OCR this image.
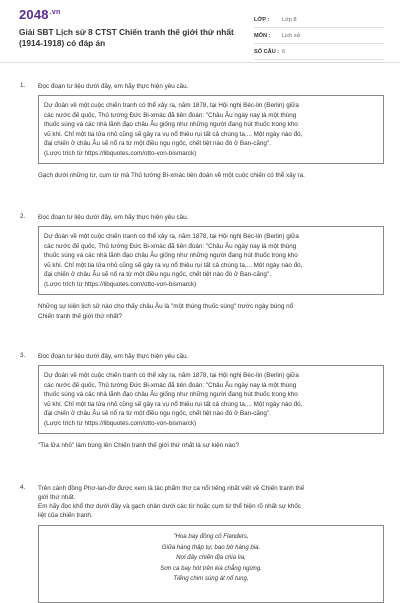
$2048^{.vn}$
Giải SBT Lịch sử 8 CTST Chiến tranh thế giới thứ nhất (1914-1918) có đáp án
LỚP :	Lớp 8
MÔN :	Lịch sử
SỐ CÂU : 6
1. Đọc đoạn tư liệu dưới đây, em hãy thực hiện yêu cầu.
Dự đoán về một cuộc chiến tranh có thể xảy ra, năm 1878, tại Hội nghị Béc-lin (Berlin) giữa
các nước đế quốc, Thủ tướng Đức Bi-xmác đã tiên đoán: "Châu Âu ngày nay là một thùng
thuốc súng và các nhà lãnh đạo châu Âu giống như những người đang hút thuốc trong kho
vũ khí. Chỉ một tia lửa nhỏ cũng sẽ gây ra vụ nổ thiêu rụi tất cả chúng ta,... Một ngày nào đó,
đại chiến ở châu Âu sẽ nổ ra từ một điều ngu ngốc, chết tiệt nào đó ở Ban-căng".
(Lược trích từ https://libquotes.com/otto-von-bismarck)
Gạch dưới những từ, cụm từ mà Thủ tướng Bi-xmác tiên đoán về một cuộc chiến có thể xảy ra.
2. Đọc đoạn tư liệu dưới đây, em hãy thực hiện yêu cầu.
Dự đoán về một cuộc chiến tranh có thể xảy ra, năm 1878, tại Hội nghị Béc-lin (Berlin) giữa
các nước đế quốc, Thủ tướng Đức Bi-xmác đã tiên đoán: "Châu Âu ngày nay là một thùng
thuốc súng và các nhà lãnh đạo châu Âu giống như những người đang hút thuốc trong kho
vũ khí. Chỉ một tia lửa nhỏ cũng sẽ gây ra vụ nổ thiêu rụi tất cả chúng ta,... Một ngày nào đó,
đại chiến ở châu Âu sẽ nổ ra từ một điều ngu ngốc, chết tiệt nào đó ở Ban-căng".
(Lược trích từ https://libquotes.com/otto-von-bismarck)
Những sự kiện lịch sử nào cho thấy châu Âu là "một thùng thuốc súng" trước ngày bùng nổ
Chiến tranh thế giới thứ nhất?
3. Đọc đoạn tư liệu dưới đây, em hãy thực hiện yêu cầu.
Dự đoán về một cuộc chiến tranh có thể xảy ra, năm 1878, tại Hội nghị Béc-lin (Berlin) giữa
các nước đế quốc, Thủ tướng Đức Bi-xmác đã tiên đoán: "Châu Âu ngày nay là một thùng
thuốc súng và các nhà lãnh đạo châu Âu giống như những người đang hút thuốc trong kho
vũ khí. Chỉ một tia lửa nhỏ cũng sẽ gây ra vụ nổ thiêu rụi tất cả chúng ta,... Một ngày nào đó,
đại chiến ở châu Âu sẽ nổ ra từ một điều ngu ngốc, chết tiệt nào đó ở Ban-căng".
(Lược trích từ https://libquotes.com/otto-von-bismarck)
"Tia lửa nhỏ" làm bùng lên Chiến tranh thế giới thứ nhất là sự kiện nào?
4. Trên cánh đồng Phơ-lan-đơ được xem là tác phẩm thơ ca nổi tiếng nhất viết về Chiến tranh thế
giới thứ nhất.
Em hãy đọc khổ thơ dưới đây và gạch chân dưới các từ hoặc cụm từ thể hiện rõ nhất sự khốc
liệt của chiến tranh.
"Hoa bay đồng cỏ Flanders,
Giữa hàng thập tự, bao bờ hàng bia.
Nơi đây chiến địa chia lìa,
Sơn ca bay hót trên kia chẳng ngừng.
Tiếng chim súng át nổ tung,
